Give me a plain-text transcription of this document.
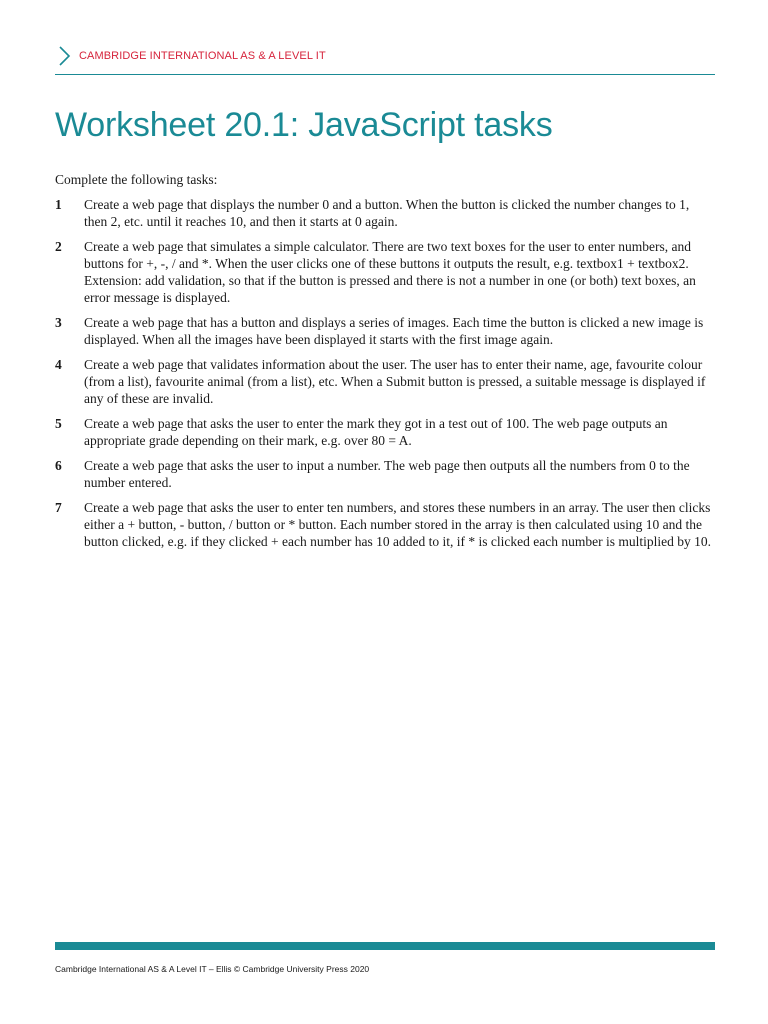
CAMBRIDGE INTERNATIONAL AS & A LEVEL IT
Worksheet 20.1: JavaScript tasks
Complete the following tasks:
1	Create a web page that displays the number 0 and a button. When the button is clicked the number changes to 1, then 2, etc. until it reaches 10, and then it starts at 0 again.
2	Create a web page that simulates a simple calculator. There are two text boxes for the user to enter numbers, and buttons for +, -, / and *. When the user clicks one of these buttons it outputs the result, e.g. textbox1 + textbox2.
Extension: add validation, so that if the button is pressed and there is not a number in one (or both) text boxes, an error message is displayed.
3	Create a web page that has a button and displays a series of images. Each time the button is clicked a new image is displayed. When all the images have been displayed it starts with the first image again.
4	Create a web page that validates information about the user. The user has to enter their name, age, favourite colour (from a list), favourite animal (from a list), etc. When a Submit button is pressed, a suitable message is displayed if any of these are invalid.
5	Create a web page that asks the user to enter the mark they got in a test out of 100. The web page outputs an appropriate grade depending on their mark, e.g. over 80 = A.
6	Create a web page that asks the user to input a number. The web page then outputs all the numbers from 0 to the number entered.
7	Create a web page that asks the user to enter ten numbers, and stores these numbers in an array. The user then clicks either a + button, - button, / button or * button. Each number stored in the array is then calculated using 10 and the button clicked, e.g. if they clicked + each number has 10 added to it, if * is clicked each number is multiplied by 10.
Cambridge International AS & A Level IT – Ellis © Cambridge University Press 2020
